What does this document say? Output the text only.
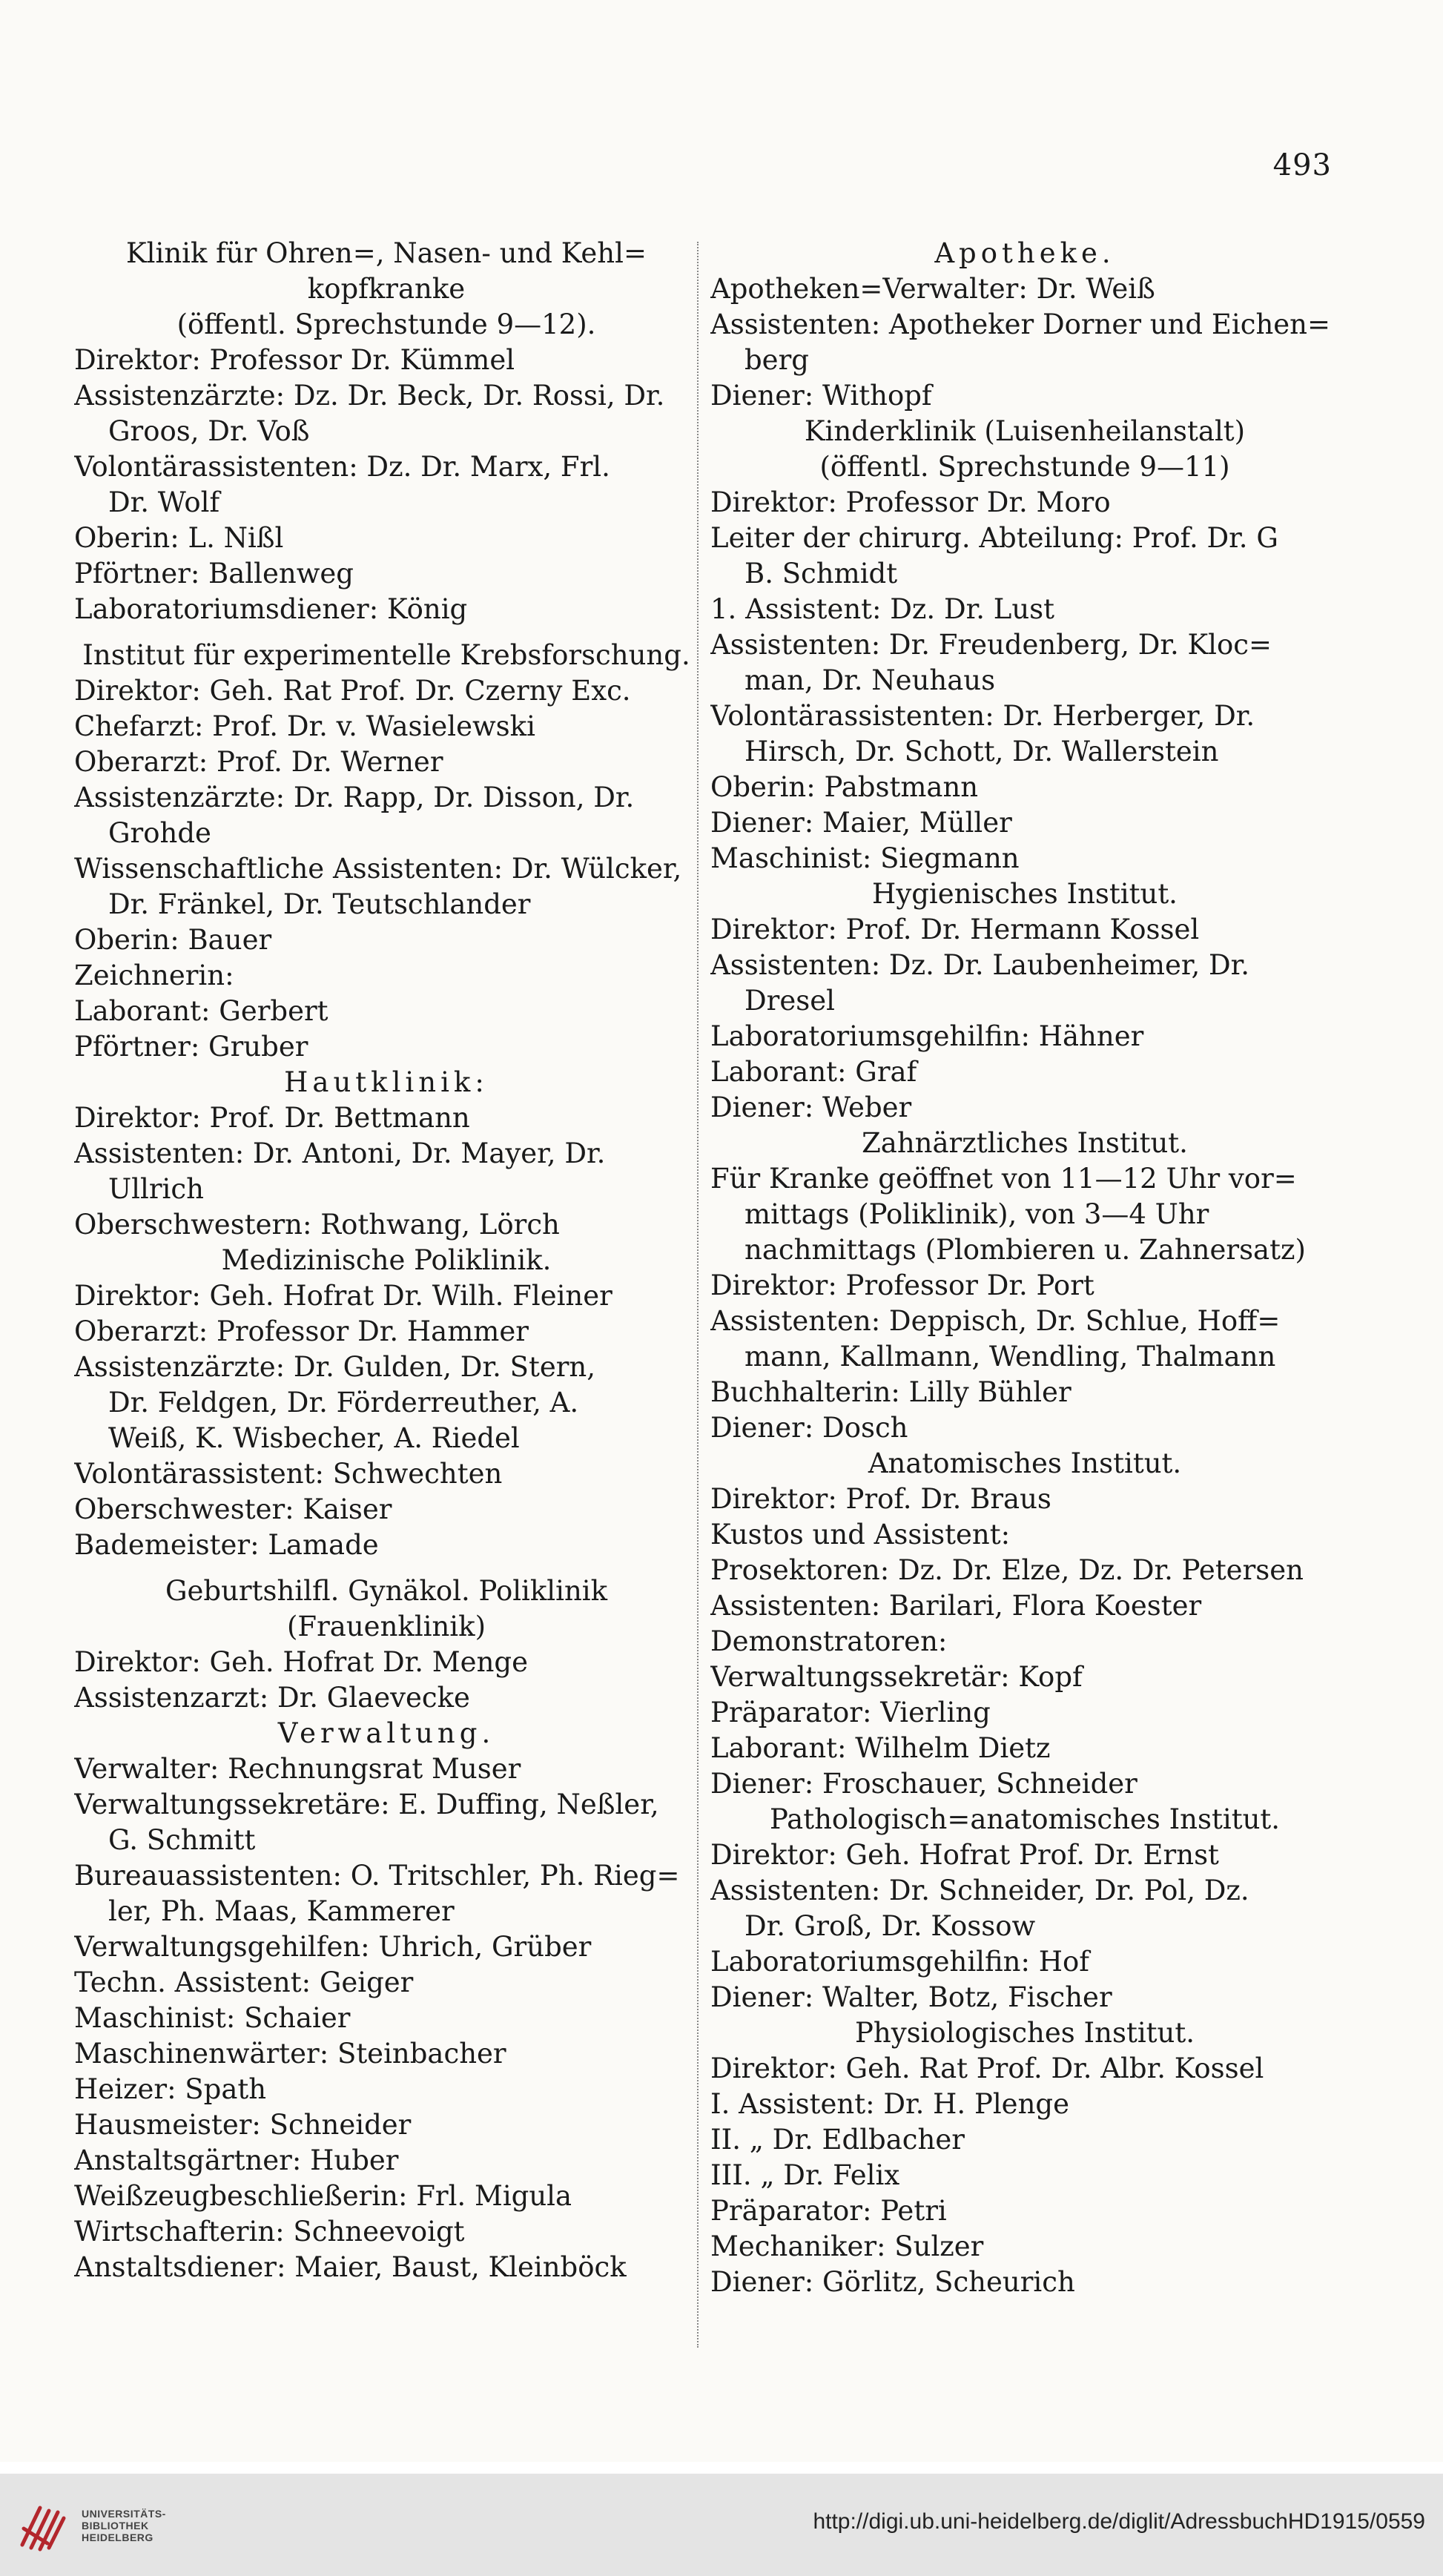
493
Klinik für Ohren=, Nasen- und Kehl=
kopfkranke
(öffentl. Sprechstunde 9—12).
Direktor: Professor Dr. Kümmel
Assistenzärzte: Dz. Dr. Beck, Dr. Rossi, Dr.
Groos, Dr. Voß
Volontärassistenten: Dz. Dr. Marx, Frl.
Dr. Wolf
Oberin: L. Nißl
Pförtner: Ballenweg
Laboratoriumsdiener: König
Institut für experimentelle Krebsforschung.
Direktor: Geh. Rat Prof. Dr. Czerny Exc.
Chefarzt: Prof. Dr. v. Wasielewski
Oberarzt: Prof. Dr. Werner
Assistenzärzte: Dr. Rapp, Dr. Disson, Dr.
Grohde
Wissenschaftliche Assistenten: Dr. Wülcker,
Dr. Fränkel, Dr. Teutschlander
Oberin: Bauer
Zeichnerin:
Laborant: Gerbert
Pförtner: Gruber
Hautklinik:
Direktor: Prof. Dr. Bettmann
Assistenten: Dr. Antoni, Dr. Mayer, Dr.
Ullrich
Oberschwestern: Rothwang, Lörch
Medizinische Poliklinik.
Direktor: Geh. Hofrat Dr. Wilh. Fleiner
Oberarzt: Professor Dr. Hammer
Assistenzärzte: Dr. Gulden, Dr. Stern,
Dr. Feldgen, Dr. Förderreuther, A.
Weiß, K. Wisbecher, A. Riedel
Volontärassistent: Schwechten
Oberschwester: Kaiser
Bademeister: Lamade
Geburtshilfl. Gynäkol. Poliklinik
(Frauenklinik)
Direktor: Geh. Hofrat Dr. Menge
Assistenzarzt: Dr. Glaevecke
Verwaltung.
Verwalter: Rechnungsrat Muser
Verwaltungssekretäre: E. Duffing, Neßler,
G. Schmitt
Bureauassistenten: O. Tritschler, Ph. Rieg=
ler, Ph. Maas, Kammerer
Verwaltungsgehilfen: Uhrich, Grüber
Techn. Assistent: Geiger
Maschinist: Schaier
Maschinenwärter: Steinbacher
Heizer: Spath
Hausmeister: Schneider
Anstaltsgärtner: Huber
Weißzeugbeschließerin: Frl. Migula
Wirtschafterin: Schneevoigt
Anstaltsdiener: Maier, Baust, Kleinböck
Apotheke.
Apotheken=Verwalter: Dr. Weiß
Assistenten: Apotheker Dorner und Eichen=
berg
Diener: Withopf
Kinderklinik (Luisenheilanstalt)
(öffentl. Sprechstunde 9—11)
Direktor: Professor Dr. Moro
Leiter der chirurg. Abteilung: Prof. Dr. G
B. Schmidt
1. Assistent: Dz. Dr. Lust
Assistenten: Dr. Freudenberg, Dr. Kloc=
man, Dr. Neuhaus
Volontärassistenten: Dr. Herberger, Dr.
Hirsch, Dr. Schott, Dr. Wallerstein
Oberin: Pabstmann
Diener: Maier, Müller
Maschinist: Siegmann
Hygienisches Institut.
Direktor: Prof. Dr. Hermann Kossel
Assistenten: Dz. Dr. Laubenheimer, Dr.
Dresel
Laboratoriumsgehilfin: Hähner
Laborant: Graf
Diener: Weber
Zahnärztliches Institut.
Für Kranke geöffnet von 11—12 Uhr vor=
mittags (Poliklinik), von 3—4 Uhr
nachmittags (Plombieren u. Zahnersatz)
Direktor: Professor Dr. Port
Assistenten: Deppisch, Dr. Schlue, Hoff=
mann, Kallmann, Wendling, Thalmann
Buchhalterin: Lilly Bühler
Diener: Dosch
Anatomisches Institut.
Direktor: Prof. Dr. Braus
Kustos und Assistent:
Prosektoren: Dz. Dr. Elze, Dz. Dr. Petersen
Assistenten: Barilari, Flora Koester
Demonstratoren:
Verwaltungssekretär: Kopf
Präparator: Vierling
Laborant: Wilhelm Dietz
Diener: Froschauer, Schneider
Pathologisch=anatomisches Institut.
Direktor: Geh. Hofrat Prof. Dr. Ernst
Assistenten: Dr. Schneider, Dr. Pol, Dz.
Dr. Groß, Dr. Kossow
Laboratoriumsgehilfin: Hof
Diener: Walter, Botz, Fischer
Physiologisches Institut.
Direktor: Geh. Rat Prof. Dr. Albr. Kossel
I. Assistent: Dr. H. Plenge
II. „ Dr. Edlbacher
III. „ Dr. Felix
Präparator: Petri
Mechaniker: Sulzer
Diener: Görlitz, Scheurich
UNIVERSITÄTS-
BIBLIOTHEK
HEIDELBERG
http://digi.ub.uni-heidelberg.de/diglit/AdressbuchHD1915/0559
